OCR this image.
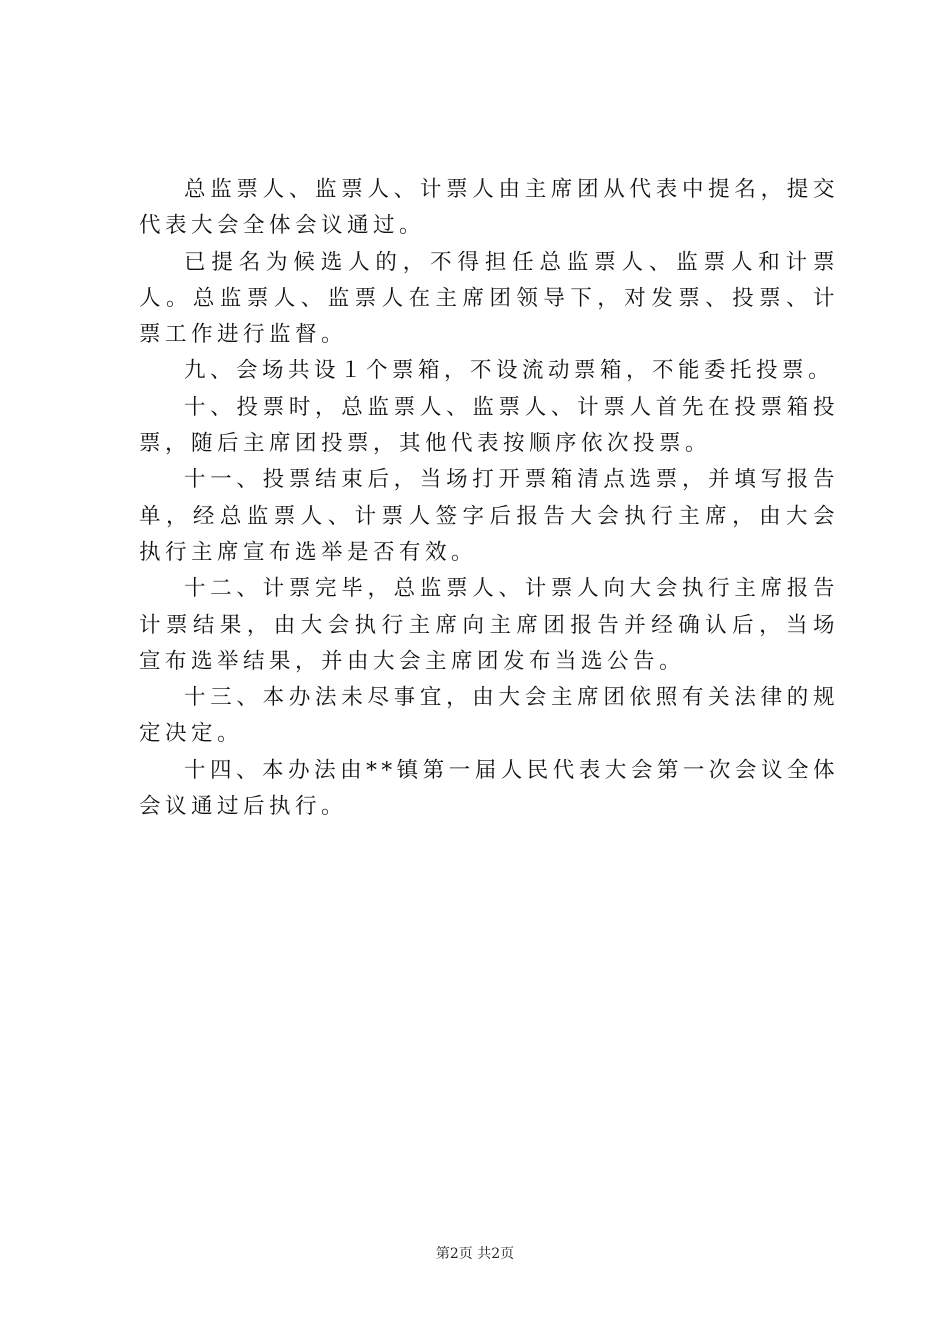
总监票人、监票人、计票人由主席团从代表中提名，提交代表大会全体会议通过。

已提名为候选人的，不得担任总监票人、监票人和计票人。总监票人、监票人在主席团领导下，对发票、投票、计票工作进行监督。

九、会场共设１个票箱，不设流动票箱，不能委托投票。

十、投票时，总监票人、监票人、计票人首先在投票箱投票，随后主席团投票，其他代表按顺序依次投票。

十一、投票结束后，当场打开票箱清点选票，并填写报告单，经总监票人、计票人签字后报告大会执行主席，由大会执行主席宣布选举是否有效。

十二、计票完毕，总监票人、计票人向大会执行主席报告计票结果，由大会执行主席向主席团报告并经确认后，当场宣布选举结果，并由大会主席团发布当选公告。

十三、本办法未尽事宜，由大会主席团依照有关法律的规定决定。

十四、本办法由**镇第一届人民代表大会第一次会议全体会议通过后执行。

第2页 共2页
